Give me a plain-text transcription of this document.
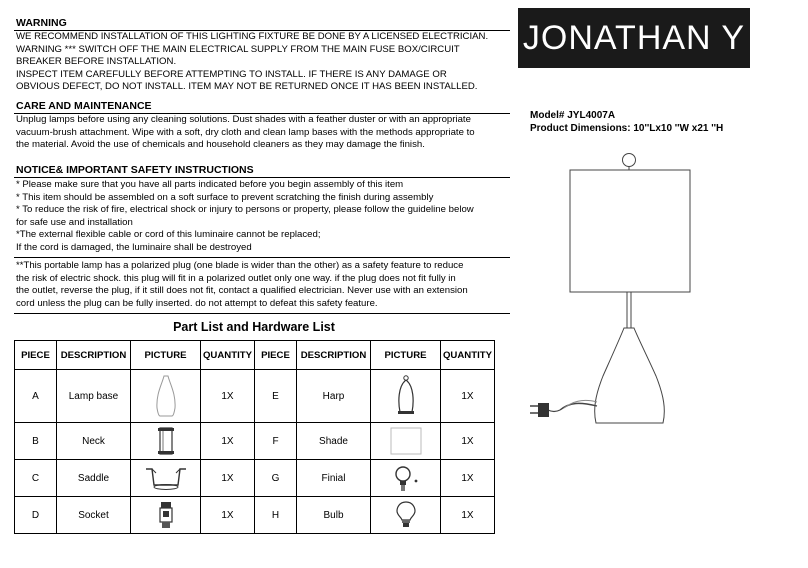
WARNING
WE RECOMMEND INSTALLATION OF THIS LIGHTING FIXTURE BE DONE BY A LICENSED ELECTRICIAN.
WARNING *** SWITCH OFF THE MAIN ELECTRICAL SUPPLY FROM THE MAIN FUSE BOX/CIRCUIT
BREAKER BEFORE INSTALLATION.
INSPECT ITEM CAREFULLY BEFORE ATTEMPTING TO INSTALL. IF THERE IS ANY DAMAGE OR
OBVIOUS DEFECT, DO NOT INSTALL. ITEM MAY NOT BE RETURNED ONCE IT HAS BEEN INSTALLED.
CARE AND MAINTENANCE
Unplug lamps before using any cleaning solutions. Dust shades with a feather duster or with an appropriate
vacuum-brush attachment. Wipe with a soft, dry cloth and clean lamp bases with the methods appropriate to
the material. Avoid the use of chemicals and household cleaners as they may damage the finish.
NOTICE& IMPORTANT SAFETY INSTRUCTIONS
* Please make sure that you have all parts indicated before you begin assembly of this item
* This item should be assembled on a soft surface to prevent scratching the finish during assembly
* To reduce the risk of fire, electrical shock or injury to persons or property, please follow the guideline below
for safe use and installation
*The external flexible cable or cord of this luminaire cannot be replaced;
If the cord is damaged, the luminaire shall be destroyed
**This portable lamp has a polarized plug (one blade is wider than the other) as a safety feature to reduce
the risk of electric shock. this plug will fit in a polarized outlet only one way. if the plug does not fit fully in
the outlet, reverse the plug, if it still does not fit, contact a qualified electrician. Never use with an extension
cord unless the plug can be fully inserted. do not attempt to defeat this safety feature.
JONATHAN Y
Model# JYL4007A
Product Dimensions: 10''Lx10 ''W x21 ''H
Part List and Hardware List
PIECE	DESCRIPTION	PICTURE	QUANTITY	PIECE	DESCRIPTION	PICTURE	QUANTITY
A	Lamp base		1X	E	Harp		1X
B	Neck		1X	F	Shade		1X
C	Saddle		1X	G	Finial		1X
D	Socket		1X	H	Bulb		1X
